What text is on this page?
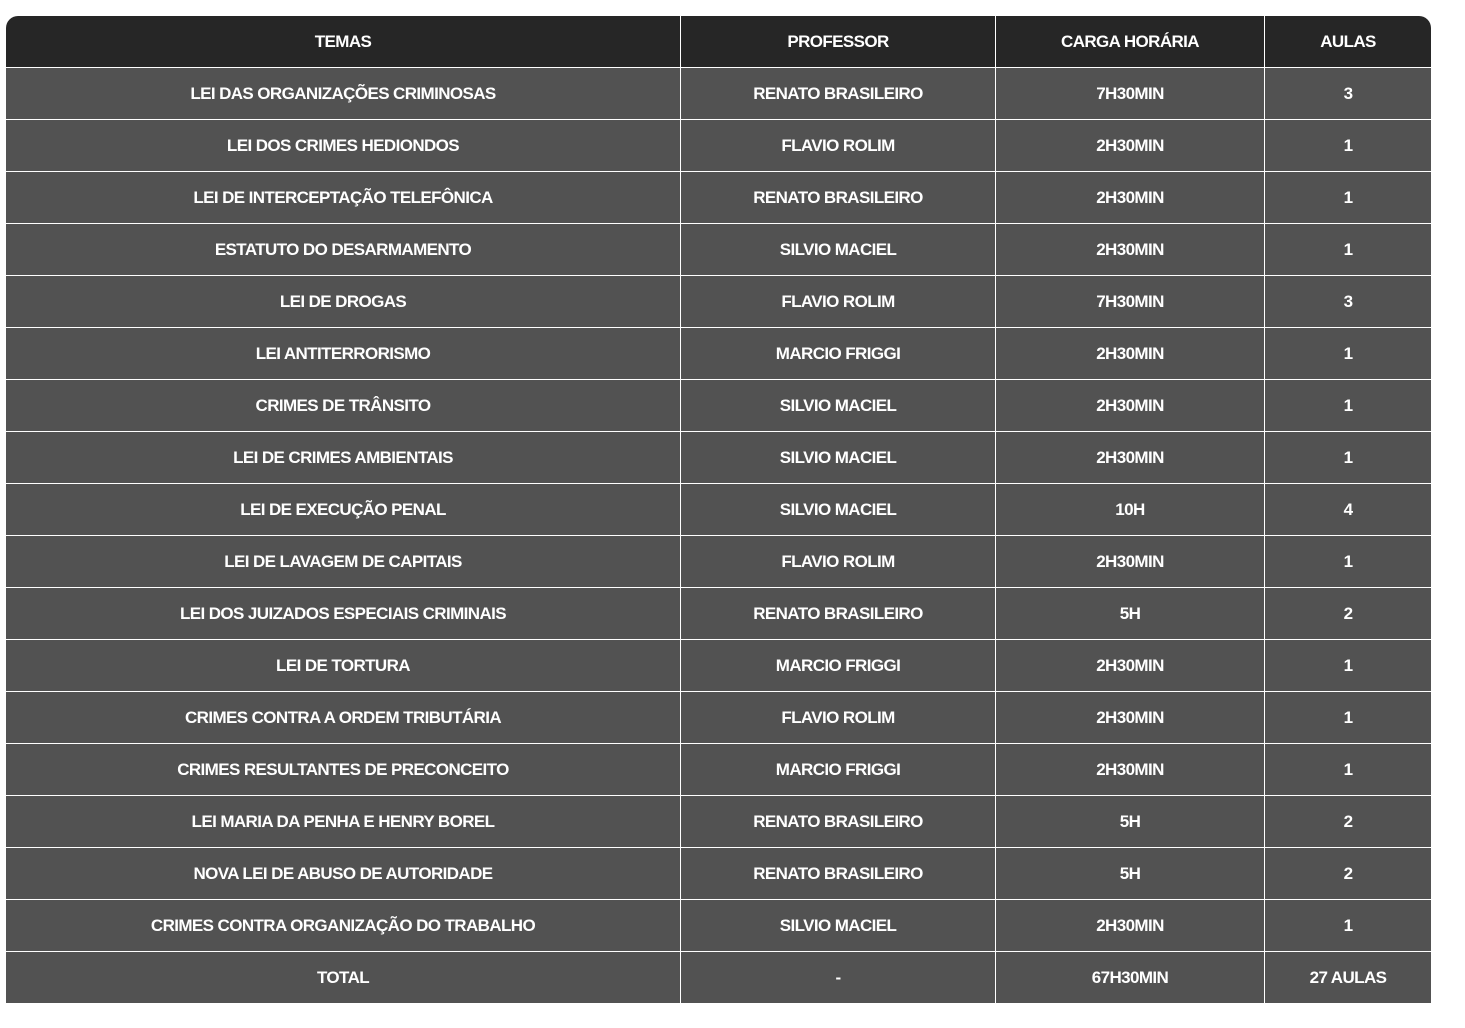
TEMAS	PROFESSOR	CARGA HORÁRIA	AULAS
LEI DAS ORGANIZAÇÕES CRIMINOSAS	RENATO BRASILEIRO	7H30MIN	3
LEI DOS CRIMES HEDIONDOS	FLAVIO ROLIM	2H30MIN	1
LEI DE INTERCEPTAÇÃO TELEFÔNICA	RENATO BRASILEIRO	2H30MIN	1
ESTATUTO DO DESARMAMENTO	SILVIO MACIEL	2H30MIN	1
LEI DE DROGAS	FLAVIO ROLIM	7H30MIN	3
LEI ANTITERRORISMO	MARCIO FRIGGI	2H30MIN	1
CRIMES DE TRÂNSITO	SILVIO MACIEL	2H30MIN	1
LEI DE CRIMES AMBIENTAIS	SILVIO MACIEL	2H30MIN	1
LEI DE EXECUÇÃO PENAL	SILVIO MACIEL	10H	4
LEI DE LAVAGEM DE CAPITAIS	FLAVIO ROLIM	2H30MIN	1
LEI DOS JUIZADOS ESPECIAIS CRIMINAIS	RENATO BRASILEIRO	5H	2
LEI DE TORTURA	MARCIO FRIGGI	2H30MIN	1
CRIMES CONTRA A ORDEM TRIBUTÁRIA	FLAVIO ROLIM	2H30MIN	1
CRIMES RESULTANTES DE PRECONCEITO	MARCIO FRIGGI	2H30MIN	1
LEI MARIA DA PENHA E HENRY BOREL	RENATO BRASILEIRO	5H	2
NOVA LEI DE ABUSO DE AUTORIDADE	RENATO BRASILEIRO	5H	2
CRIMES CONTRA ORGANIZAÇÃO DO TRABALHO	SILVIO MACIEL	2H30MIN	1
TOTAL	-	67H30MIN	27 AULAS
